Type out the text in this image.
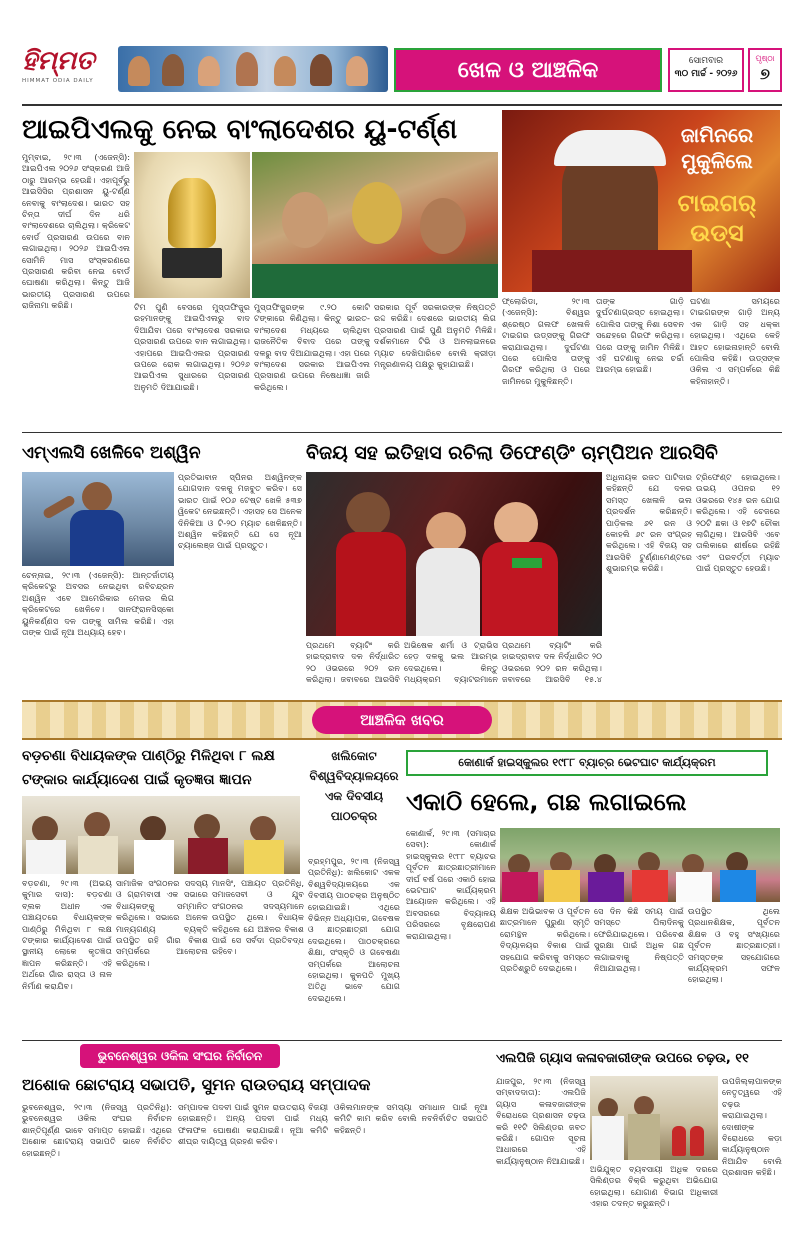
ହିମ୍ମତ
HIMMAT ODIA DAILY	ଖେଳ ଓ ଆଞ୍ଚଳିକ	ସୋମବାର
୩୦ ମାର୍ଚ୍ଚ - ୨୦୨୬
ପୃଷ୍ଠା
୭
ଆଇପିଏଲକୁ ନେଇ ବାଂଲାଦେଶର ୟୁ-ଟର୍ଣ୍ଣ
ମୁମ୍ବାଇ, ୨୯।୩ (ଏଜେନ୍ସି): ଆଇପିଏଲ ୨୦୨୬ ସଂସ୍କରଣ ଆଜି ଠାରୁ ଆରମ୍ଭ ହେଉଛି। ଏହାପୂର୍ବରୁ ଆଇସିସିର ପ୍ରଶାସନ ୟୁ-ଟର୍ଣ୍ଣ ନେବାକୁ ବାଂଲାଦେଶ। ଭାରତ ସହ ଚିନ୍ତା ଦୀର୍ଘ ଦିନ ଧରି ବାଂଲାଦେଶରେ ଚାଲିଥିଲା। କ୍ରିକେଟ ବୋର୍ଡ ପ୍ରସାରଣ ଉପରେ ବାନ ଲଗାଇଥିଲା। ୨୦୨୬ ଆଇପିଏଲ ସୋମିନି ମାସ ସଂସ୍କରଣରେ ପ୍ରସାରଣ କରିବା ନେଇ ବୋର୍ଡ ଘୋଷଣା କରିଥିଲା। କିନ୍ତୁ ଆଜି ଭାରତୀୟ ପ୍ରସାରଣ ଉପରେ ରାଜିନାମା କରିଛି।	ଟିମ ପୁଣି ବେସରେ ମୁସ୍ତାଫିଜୁର ରହମାନଙ୍କୁ ଆଇପିଏଲରୁ ବାଦ ଦିଆଯିବା ପରେ ବାଂଲାଦେଶ ସରକାର ପ୍ରସାରଣ ଉପରେ ବାନ ଲଗାଇଥିଲା। ଏହାପରେ ଆଇପିଏଲର ପ୍ରସାରଣ ଉପରେ ରୋକ ଲଗାଇଥିଲା। ୨୦୨୬ ଆଇପିଏଲ ସୁଧାରରେ ପ୍ରସାରଣ ଅନୁମତି ଦିଆଯାଇଛି।
ମୁସ୍ତାଫିଜୁରଙ୍କ ୯.୨୦ କୋଟି ଟଙ୍କାରେ କିଣିଥିଲା। କିନ୍ତୁ ଭାରତ-ବାଂଲାଦେଶ ମଧ୍ୟରେ ଚାଲିଥିବା ରାଜନୈତିକ ବିବାଦ ପରେ ତାଙ୍କୁ ଦଳରୁ ବାଦ ଦିଆଯାଇଥିଲା। ଏହା ପରେ ବାଂଲାଦେଶ ସରକାର ଆଇପିଏଲ ପ୍ରସାରଣ ଉପରେ ନିଷେଧାଜ୍ଞା ଜାରି କରିଥିଲେ।
ସରକାର ପୂର୍ବ ସରକାରଙ୍କ ନିଷ୍ପତ୍ତି ରଦ୍ଦ କରିଛି। ଦେଶରେ ଭାରତୀୟ ଲିଗ ପ୍ରସାରଣ ପାଇଁ ପୁଣି ଅନୁମତି ମିଳିଛି। ଦର୍ଶକମାନେ ଟିଭି ଓ ଅନଲାଇନରେ ମ୍ୟାଚ ଦେଖିପାରିବେ ବୋଲି କ୍ରୀଡ଼ା ମନ୍ତ୍ରଣାଳୟ ପକ୍ଷରୁ କୁହାଯାଇଛି।
ଜାମିନରେ
ମୁକୁଳିଲେ
ଟାଇଗର୍
ଉଡ୍ସ
ଫ୍ଲୋରିଡା, ୨୯।୩ (ଏଜେନ୍ସି): ବିଶ୍ୱର ଶ୍ରେଷ୍ଠ ଗଲଫ ଖେଳାଳି ଟାଇଗର ଉଡ୍ସଙ୍କୁ ଗିରଫ କରାଯାଇଥିଲା। ଦୁର୍ଘଟଣା ପରେ ପୋଲିସ ତାଙ୍କୁ ଗିରଫ କରିଥିଲା ଓ ପରେ ଜାମିନରେ ମୁକୁଳିଛନ୍ତି।
ତାଙ୍କ ଗାଡ଼ି ଦୁର୍ଘଟଣାଗ୍ରସ୍ତ ହୋଇଥିଲା। ପୋଲିସ ତାଙ୍କୁ ନିଶା ସେବନ ସନ୍ଦେହରେ ଗିରଫ କରିଥିଲା। ପରେ ତାଙ୍କୁ ଜାମିନ ମିଳିଛି। ଏହି ଘଟଣାକୁ ନେଇ ଚର୍ଚ୍ଚା ଆରମ୍ଭ ହୋଇଛି।
ଘଟଣା ସମୟରେ ଟାଇଗରଙ୍କ ଗାଡ଼ି ଅନ୍ୟ ଏକ ଗାଡ଼ି ସହ ଧକ୍କା ହୋଇଥିଲା। ଏଥିରେ କେହି ଆହତ ହୋଇନାହାନ୍ତି ବୋଲି ପୋଲିସ କହିଛି। ଉଡ୍ସଙ୍କ ଓକିଲ ଏ ସମ୍ପର୍କରେ କିଛି କହିନାହାନ୍ତି।
ଏମ୍ଏଲସି ଖେଳିବେ ଅଶ୍ୱିନ
ଚେନ୍ନାଇ, ୨୯।୩ (ଏଜେନ୍ସି): ଆନ୍ତର୍ଜାତୀୟ କ୍ରିକେଟରୁ ଅବସର ନେଇଥିବା ରବିଚନ୍ଦ୍ରନ ଅଶ୍ୱିନ ଏବେ ଆମେରିକାର ମେଜର ଲିଗ କ୍ରିକେଟରେ ଖେଳିବେ। ସାନଫ୍ରାନସିସ୍କୋ ୟୁନିକର୍ଣ୍ଣସ ଦଳ ତାଙ୍କୁ ସାମିଲ କରିଛି। ଏହା ତାଙ୍କ ପାଇଁ ନୂଆ ଅଧ୍ୟାୟ ହେବ।
ପ୍ରତିଭାବାନ ସ୍ପିନର ଅଶ୍ୱିନଙ୍କ ଯୋଗଦାନ ଦଳକୁ ମଜବୁତ କରିବ। ସେ ଭାରତ ପାଇଁ ୧୦୬ ଟେଷ୍ଟ ଖେଳି ୫୩୭ ୱିକେଟ ନେଇଛନ୍ତି। ଏହାସହ ସେ ଅନେକ ଦିନିକିଆ ଓ ଟି-୨୦ ମ୍ୟାଚ ଖେଳିଛନ୍ତି। ଅଶ୍ୱିନ କହିଛନ୍ତି ଯେ ସେ ନୂଆ ଚ୍ୟାଲେଞ୍ଜ ପାଇଁ ପ୍ରସ୍ତୁତ।
ବିଜୟ ସହ ଇତିହାସ ରଚିଲା ଡିଫେଣ୍ଡିଂ ଚାମ୍ପିଅନ ଆରସିବି
ପ୍ରଥମେ ବ୍ୟାଟିଂ କରି ହାଇଦ୍ରାବାଦ ଦଳ ନିର୍ଦ୍ଧାରିତ ୨୦ ଓଭରରେ ୨୦୨ ରନ କରିଥିଲା। ଜବାବରେ ଆରସିବି
ଅଭିଷେକ ଶର୍ମା ଓ ଟ୍ରାଭିସ ହେଡ଼ ଦଳକୁ ଭଲ ଆରମ୍ଭ ଦେଇଥିଲେ। କିନ୍ତୁ ମଧ୍ୟକ୍ରମ ବ୍ୟାଟରମାନେ
ପ୍ରଥମେ ବ୍ୟାଟିଂ କରି ହାଇଦ୍ରାବାଦ ଦଳ ନିର୍ଦ୍ଧାରିତ ୨୦ ଓଭରରେ ୨୦୨ ରନ କରିଥିଲା। ଜବାବରେ ଆରସିବି ୧୫.୪
ଅଧିନାୟକ ରଜତ ପାଟିଦାର କହିଛନ୍ତି ଯେ ଦଳର ସମସ୍ତ ଖେଳାଳି ଭଲ ପ୍ରଦର୍ଶନ କରିଛନ୍ତି। ପାଡ଼ିକଲ ୬୧ ରନ ଓ କୋହଲି ୬୯ ରନ ସଂଗ୍ରହ କରିଥିଲେ। ଏହି ବିଜୟ ସହ ଆରସିବି ଟୁର୍ଣ୍ଣାମେଣ୍ଟରେ ଶୁଭାରମ୍ଭ କରିଛି।
ଟ୍ରିଫେଣ୍ଟ ହୋଇଥିଲେ। ଉଭୟ ଓପନର ୧୨ ଓଭରରେ ୧୪୫ ରନ ଯୋଗ କରିଥିଲେ। ଏହି ଚେଜରେ ୨୦ଟି ଛକା ଓ ୧୭ଟି ଚୌକା ଲାଗିଥିଲା। ଆରସିବି ଏବେ ତାଲିକାରେ ଶୀର୍ଷରେ ରହିଛି ଏବଂ ପରବର୍ତ୍ତୀ ମ୍ୟାଚ ପାଇଁ ପ୍ରସ୍ତୁତ ହେଉଛି।
ଆଞ୍ଚଳିକ ଖବର
ବଡ଼ଚଣା ବିଧାୟକଙ୍କ ପାଣ୍ଠିରୁ ମିଳିଥିବା ୮ ଲକ୍ଷ
ଟଙ୍କାର କାର୍ଯ୍ୟାଦେଶ ପାଇଁ କୃତଜ୍ଞତା ଜ୍ଞାପନ
ବଡ଼ଚଣା, ୨୯।୩ (ଅଭୟ କୁମାର ଦାସ): ବଡ଼ଚଣା ବ୍ଲକ ଅଧୀନ ଏକ ପଞ୍ଚାୟତରେ ବିଧାୟକଙ୍କ ପାଣ୍ଠିରୁ ମିଳିଥିବା ୮ ଲକ୍ଷ ଟଙ୍କାର କାର୍ଯ୍ୟାଦେଶ ପାଇଁ ସ୍ଥାନୀୟ ଲୋକେ କୃତଜ୍ଞତା ଜ୍ଞାପନ କରିଛନ୍ତି। ଏହି ଅର୍ଥରେ ଗାଁର ରାସ୍ତା ଓ ନାଳ ନିର୍ମାଣ କରାଯିବ।
ସାମାଜିକ ସଂଗଠନର ସଦସ୍ୟ ଓ ଗ୍ରାମବାସୀ ଏକ ସଭାରେ ବିଧାୟକଙ୍କୁ ସମ୍ମାନିତ କରିଥିଲେ। ସଭାରେ ଅନେକ ମାନ୍ୟଗଣ୍ୟ ବ୍ୟକ୍ତି ଉପସ୍ଥିତ ରହି ଗାଁର ବିକାଶ ସମ୍ପର୍କରେ ଆଲୋଚନା କରିଥିଲେ।
ମାନସିଂ, ପଞ୍ଚାୟତ ପ୍ରତିନିଧି, ସମାଜସେବୀ ଓ ଯୁବ ସଂଗଠନର ସଦସ୍ୟମାନେ ଉପସ୍ଥିତ ଥିଲେ। ବିଧାୟକ କହିଥିଲେ ଯେ ଅଞ୍ଚଳର ବିକାଶ ପାଇଁ ସେ ସର୍ବଦା ପ୍ରତିବଦ୍ଧ ରହିବେ।
ଖଲିକୋଟ
ବିଶ୍ୱବିଦ୍ୟାଳୟରେ
ଏକ ଦିବସୀୟ
ପାଠଚକ୍ର
ବ୍ରହ୍ମପୁର, ୨୯।୩ (ନିଜସ୍ୱ ପ୍ରତିନିଧି): ଖଲିକୋଟ ଏକକ ବିଶ୍ୱବିଦ୍ୟାଳୟରେ ଏକ ଦିବସୀୟ ପାଠଚକ୍ର ଅନୁଷ୍ଠିତ ହୋଇଯାଇଛି। ଏଥିରେ ବିଭିନ୍ନ ଅଧ୍ୟାପକ, ଗବେଷକ ଓ ଛାତ୍ରଛାତ୍ରୀ ଯୋଗ ଦେଇଥିଲେ। ପାଠଚକ୍ରରେ ଶିକ୍ଷା, ସଂସ୍କୃତି ଓ ଗବେଷଣା ସମ୍ପର୍କରେ ଆଲୋଚନା ହୋଇଥିଲା। କୁଳପତି ମୁଖ୍ୟ ଅତିଥି ଭାବେ ଯୋଗ ଦେଇଥିଲେ।
କୋଣାର୍କ ହାଇସ୍କୁଲର ୧୯୮୮ ବ୍ୟାଚ୍‌ର ଭେଟଘାଟ କାର୍ଯ୍ୟକ୍ରମ
ଏକାଠି ହେଲେ, ଗଛ ଲଗାଇଲେ
କୋଣାର୍କ, ୨୯।୩ (ସମାଚାର ସେବା): କୋଣାର୍କ ହାଇସ୍କୁଲର ୧୯୮୮ ବ୍ୟାଚର ପୂର୍ବତନ ଛାତ୍ରଛାତ୍ରୀମାନେ ଦୀର୍ଘ ବର୍ଷ ପରେ ଏକାଠି ହୋଇ ଭେଟଘାଟ କାର୍ଯ୍ୟକ୍ରମ ଆୟୋଜନ କରିଥିଲେ। ଏହି ଅବସରରେ ବିଦ୍ୟାଳୟ ପରିସରରେ ବୃକ୍ଷରୋପଣ କରାଯାଇଥିଲା।
ଶିକ୍ଷକ ଅଭିଭାବକ ଓ ପୂର୍ବତନ ଛାତ୍ରମାନେ ପୁରୁଣା ସ୍ମୃତି ରୋମନ୍ଥନ କରିଥିଲେ। ବିଦ୍ୟାଳୟର ବିକାଶ ପାଇଁ ସହଯୋଗ କରିବାକୁ ସମସ୍ତେ ପ୍ରତିଶ୍ରୁତି ଦେଇଥିଲେ।
ସେ ଦିନ କିଛି ସମୟ ପାଇଁ ସମସ୍ତେ ପିଲାଦିନକୁ ଫେରିଯାଇଥିଲେ। ପରିବେଶ ସୁରକ୍ଷା ପାଇଁ ଅଧିକ ଗଛ ଲଗାଇବାକୁ ନିଷ୍ପତ୍ତି ନିଆଯାଇଥିଲା।
ଉପସ୍ଥିତ ଥିଲେ ପ୍ରଧାନଶିକ୍ଷକ, ପୂର୍ବତନ ଶିକ୍ଷକ ଓ ବହୁ ସଂଖ୍ୟାରେ ପୂର୍ବତନ ଛାତ୍ରଛାତ୍ରୀ। ସମସ୍ତଙ୍କ ସହଯୋଗରେ କାର୍ଯ୍ୟକ୍ରମ ସଫଳ ହୋଇଥିଲା।
ଭୁବନେଶ୍ୱର ଓକିଲ ସଂଘର ନିର୍ବାଚନ
ଅଶୋକ ଛୋଟରାୟ ସଭାପତି, ସୁମନ ରାଉତରାୟ ସମ୍ପାଦକ
ଭୁବନେଶ୍ୱର, ୨୯।୩ (ନିଜସ୍ୱ ପ୍ରତିନିଧି): ଭୁବନେଶ୍ୱର ଓକିଲ ସଂଘର ନିର୍ବାଚନ ଶାନ୍ତିପୂର୍ଣ୍ଣ ଭାବେ ସମାପ୍ତ ହୋଇଛି। ଏଥିରେ ଅଶୋକ ଛୋଟରାୟ ସଭାପତି ଭାବେ ନିର୍ବାଚିତ ହୋଇଛନ୍ତି।
ସମ୍ପାଦକ ପଦବୀ ପାଇଁ ସୁମନ ରାଉତରାୟ ବିଜୟୀ ହୋଇଛନ୍ତି। ଅନ୍ୟ ପଦବୀ ପାଇଁ ମଧ୍ୟ ଫଳାଫଳ ଘୋଷଣା କରାଯାଇଛି। ନୂଆ କମିଟି ଶୀଘ୍ର ଦାୟିତ୍ୱ ଗ୍ରହଣ କରିବ।
ଓକିଲମାନଙ୍କ ସମସ୍ୟା ସମାଧାନ ପାଇଁ ନୂଆ କମିଟି କାମ କରିବ ବୋଲି ନବନିର୍ବାଚିତ ସଭାପତି କହିଛନ୍ତି।
ଏଲପିଜି ଗ୍ୟାସ କଳାବଜାରୀଙ୍କ ଉପରେ ଚଢ଼ଉ, ୧୧
ଯାଜପୁର, ୨୯।୩ (ନିଜସ୍ୱ ସମ୍ବାଦଦାତା): ଏଲପିଜି ଗ୍ୟାସ କଳାବଜାରୀଙ୍କ ବିରୋଧରେ ପ୍ରଶାସନ ଚଢ଼ଉ କରି ୧୧ଟି ସିଲିଣ୍ଡର ଜବତ କରିଛି। ଗୋପନ ସୂଚନା ଆଧାରରେ ଏହି କାର୍ଯ୍ୟାନୁଷ୍ଠାନ ନିଆଯାଇଛି।
ଅଭିଯୁକ୍ତ ବ୍ୟବସାୟୀ ଅଧିକ ଦରରେ ସିଲିଣ୍ଡର ବିକ୍ରି କରୁଥିବା ଅଭିଯୋଗ ହୋଇଥିଲା। ଯୋଗାଣ ବିଭାଗ ଅଧିକାରୀ ଏହାର ତଦନ୍ତ କରୁଛନ୍ତି।
ଉପଜିଲ୍ଲାପାଳଙ୍କ ନେତୃତ୍ୱରେ ଏହି ଚଢ଼ଉ କରାଯାଇଥିଲା। ଦୋଷୀଙ୍କ ବିରୋଧରେ କଡ଼ା କାର୍ଯ୍ୟାନୁଷ୍ଠାନ ନିଆଯିବ ବୋଲି ପ୍ରଶାସନ କହିଛି।
